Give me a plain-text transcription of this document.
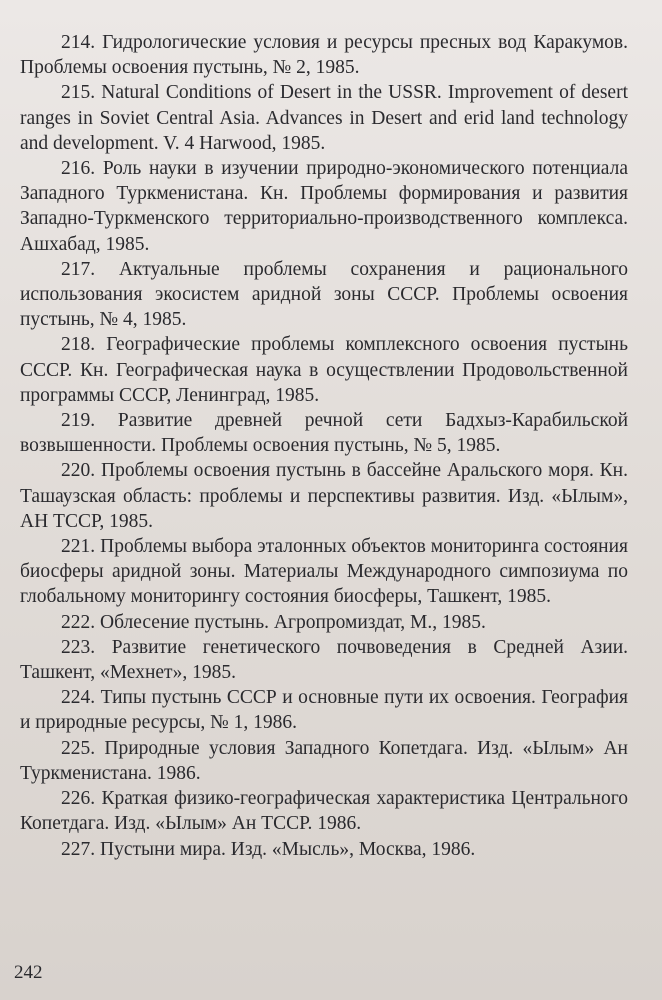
214. Гидрологические условия и ресурсы пресных вод Каракумов. Проблемы освоения пустынь, № 2, 1985.

215. Natural Conditions of Desert in the USSR. Improvement of desert ranges in Soviet Central Asia. Advances in Desert and erid land technology and development. V. 4 Harwood, 1985.

216. Роль науки в изучении природно-экономического потенциала Западного Туркменистана. Кн. Проблемы формирования и развития Западно-Туркменского территориально-производственного комплекса. Ашхабад, 1985.

217. Актуальные проблемы сохранения и рационального использования экосистем аридной зоны СССР. Проблемы освоения пустынь, № 4, 1985.

218. Географические проблемы комплексного освоения пустынь СССР. Кн. Географическая наука в осуществлении Продовольственной программы СССР, Ленинград, 1985.

219. Развитие древней речной сети Бадхыз-Карабильской возвышенности. Проблемы освоения пустынь, № 5, 1985.

220. Проблемы освоения пустынь в бассейне Аральского моря. Кн. Ташаузская область: проблемы и перспективы развития. Изд. «Ылым», АН ТССР, 1985.

221. Проблемы выбора эталонных объектов мониторинга состояния биосферы аридной зоны. Материалы Международного симпозиума по глобальному мониторингу состояния биосферы, Ташкент, 1985.

222. Облесение пустынь. Агропромиздат, М., 1985.

223. Развитие генетического почвоведения в Средней Азии. Ташкент, «Мехнет», 1985.

224. Типы пустынь СССР и основные пути их освоения. География и природные ресурсы, № 1, 1986.

225. Природные условия Западного Копетдага. Изд. «Ылым» Ан Туркменистана. 1986.

226. Краткая физико-географическая характеристика Центрального Копетдага. Изд. «Ылым» Ан ТССР. 1986.

227. Пустыни мира. Изд. «Мысль», Москва, 1986.

242
